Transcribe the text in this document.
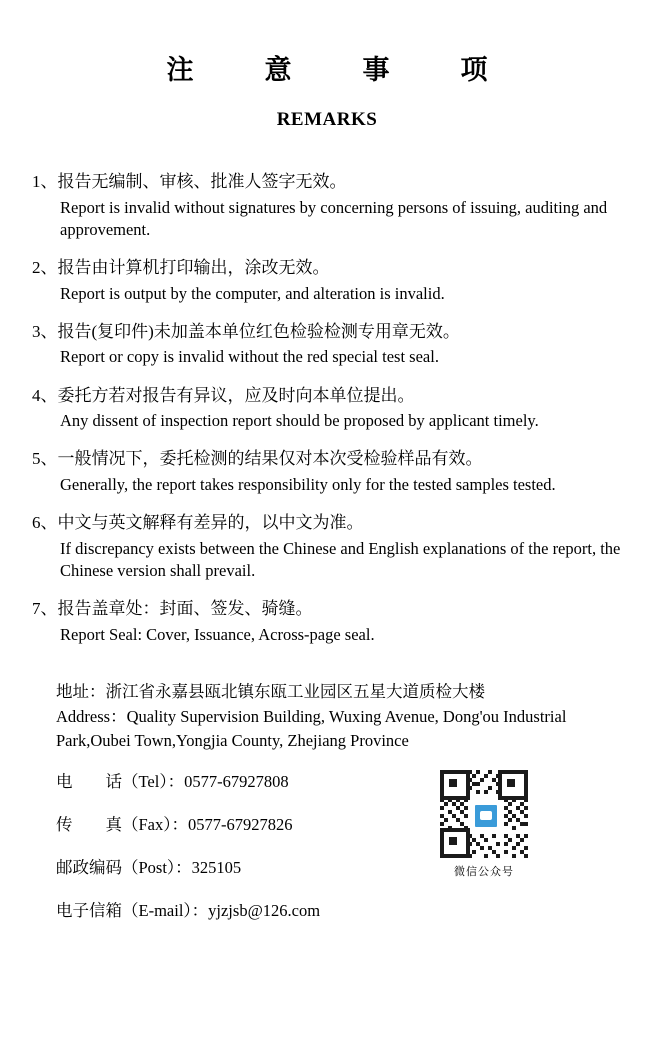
注　意　事　项
REMARKS
1、报告无编制、审核、批准人签字无效。
Report is invalid without signatures by concerning persons of issuing, auditing and approvement.
2、报告由计算机打印输出，涂改无效。
Report is output by the computer, and alteration is invalid.
3、报告(复印件)未加盖本单位红色检验检测专用章无效。
Report or copy is invalid without the red special test seal.
4、委托方若对报告有异议，应及时向本单位提出。
Any dissent of inspection report should be proposed by applicant timely.
5、一般情况下，委托检测的结果仅对本次受检验样品有效。
Generally, the report takes responsibility only for the tested samples tested.
6、中文与英文解释有差异的，以中文为准。
If discrepancy exists between the Chinese and English explanations of the report, the Chinese version shall prevail.
7、报告盖章处：封面、签发、骑缝。
Report Seal: Cover, Issuance, Across-page seal.
地址：浙江省永嘉县瓯北镇东瓯工业园区五星大道质检大楼
Address：Quality Supervision Building, Wuxing Avenue, Dong'ou Industrial Park,Oubei Town,Yongjia County, Zhejiang Province
电　　话（Tel）：0577-67927808
传　　真（Fax）：0577-67927826
邮政编码（Post）：325105
电子信箱（E-mail）：yjzjsb@126.com
微信公众号
